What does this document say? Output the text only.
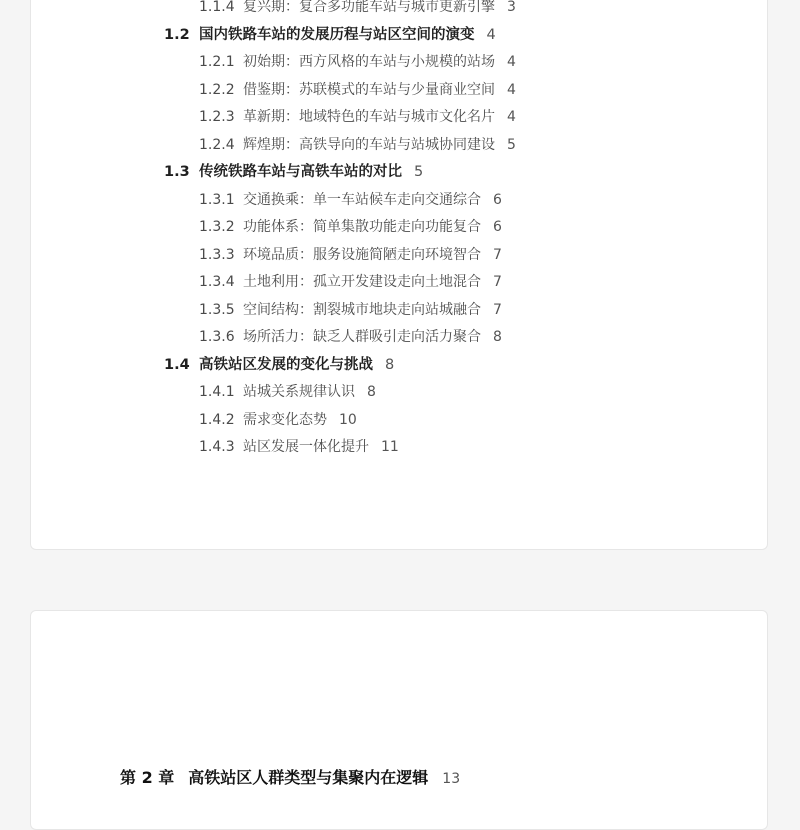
1.1.4 复兴期：复合多功能车站与城市更新引擎 3
1.2 国内铁路车站的发展历程与站区空间的演变 4
1.2.1 初始期：西方风格的车站与小规模的站场 4
1.2.2 借鉴期：苏联模式的车站与少量商业空间 4
1.2.3 革新期：地域特色的车站与城市文化名片 4
1.2.4 辉煌期：高铁导向的车站与站城协同建设 5
1.3 传统铁路车站与高铁车站的对比 5
1.3.1 交通换乘：单一车站候车走向交通综合 6
1.3.2 功能体系：简单集散功能走向功能复合 6
1.3.3 环境品质：服务设施简陋走向环境智合 7
1.3.4 土地利用：孤立开发建设走向土地混合 7
1.3.5 空间结构：割裂城市地块走向站城融合 7
1.3.6 场所活力：缺乏人群吸引走向活力聚合 8
1.4 高铁站区发展的变化与挑战 8
1.4.1 站城关系规律认识 8
1.4.2 需求变化态势 10
1.4.3 站区发展一体化提升 11
第 2 章 高铁站区人群类型与集聚内在逻辑 13
